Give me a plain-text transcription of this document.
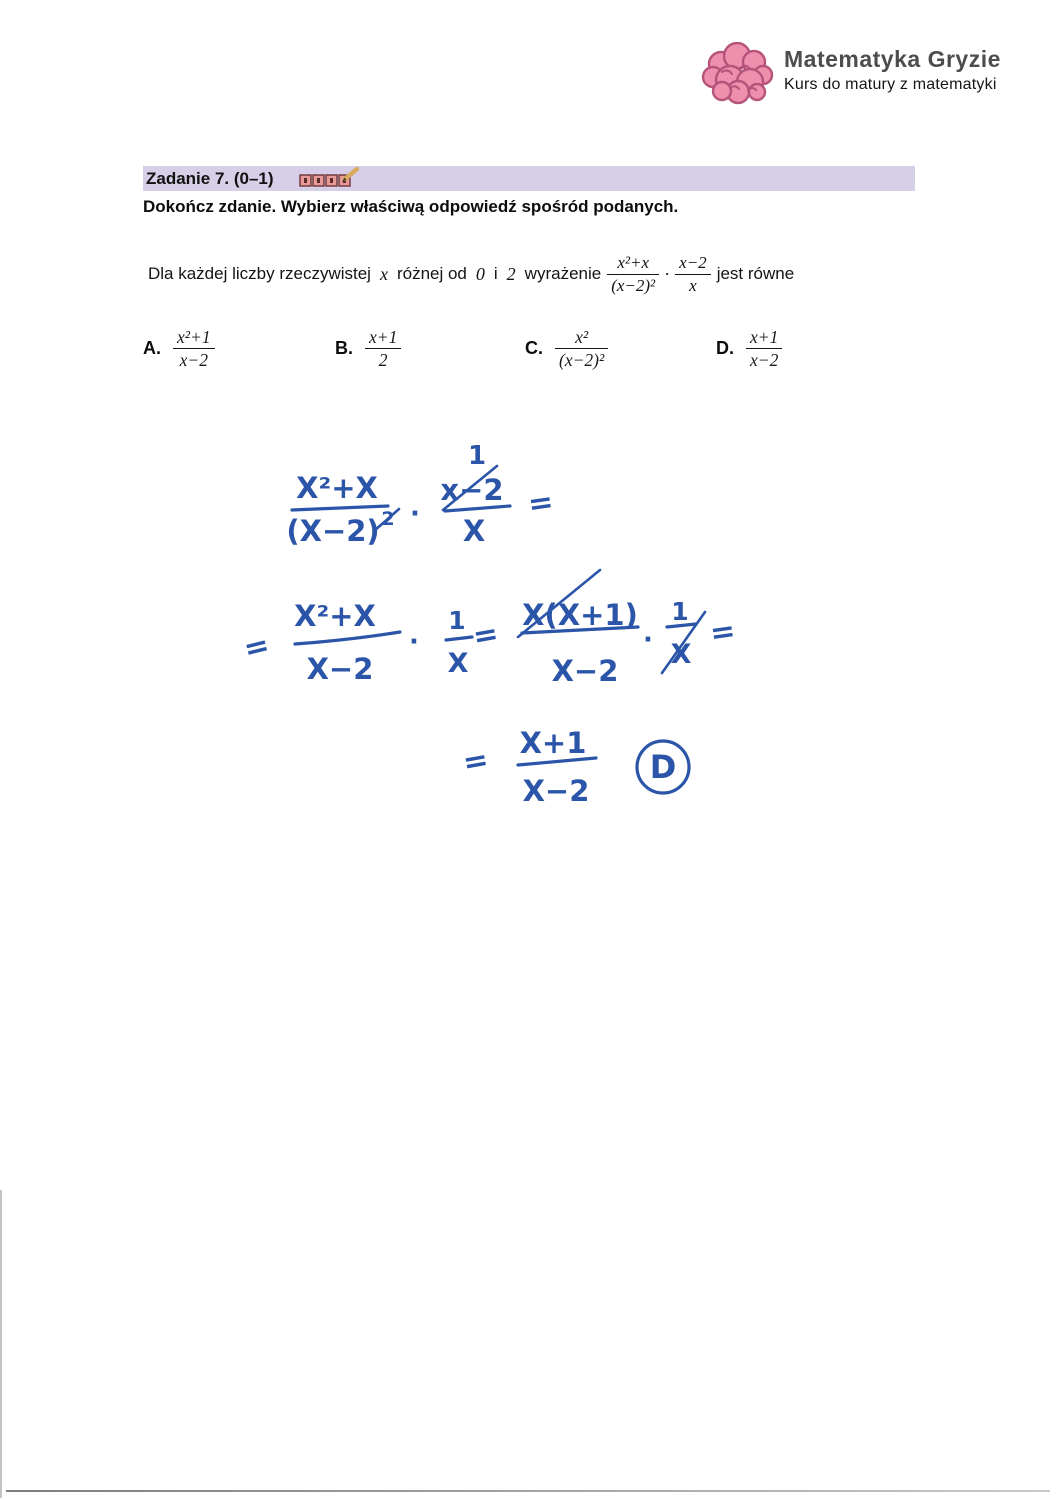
Matematyka Gryzie
Kurs do matury z matematyki
Zadanie 7. (0–1)
Dokończ zdanie. Wybierz właściwą odpowiedź spośród podanych.
Dla każdej liczby rzeczywistej x różnej od 0 i 2 wyrażenie $\frac{\text{x²+x}}{\text{(x−2)²}} \cdot \frac{x-2}{x}$ jest równe
A. $\frac{\text{x²+1}}{x-2}$	B. $\frac{x+1}{2}$	C. $\frac{\text{x²}}{\text{(x−2)²}}$	D. $\frac{x+1}{x-2}$
X²+X
(X−2) 2 ·
1
x−2
X
=
=
X²+X
X−2
·
1
X
=
X(X+1)
X−2
·
1
X
=
= X+1
X−2
D
